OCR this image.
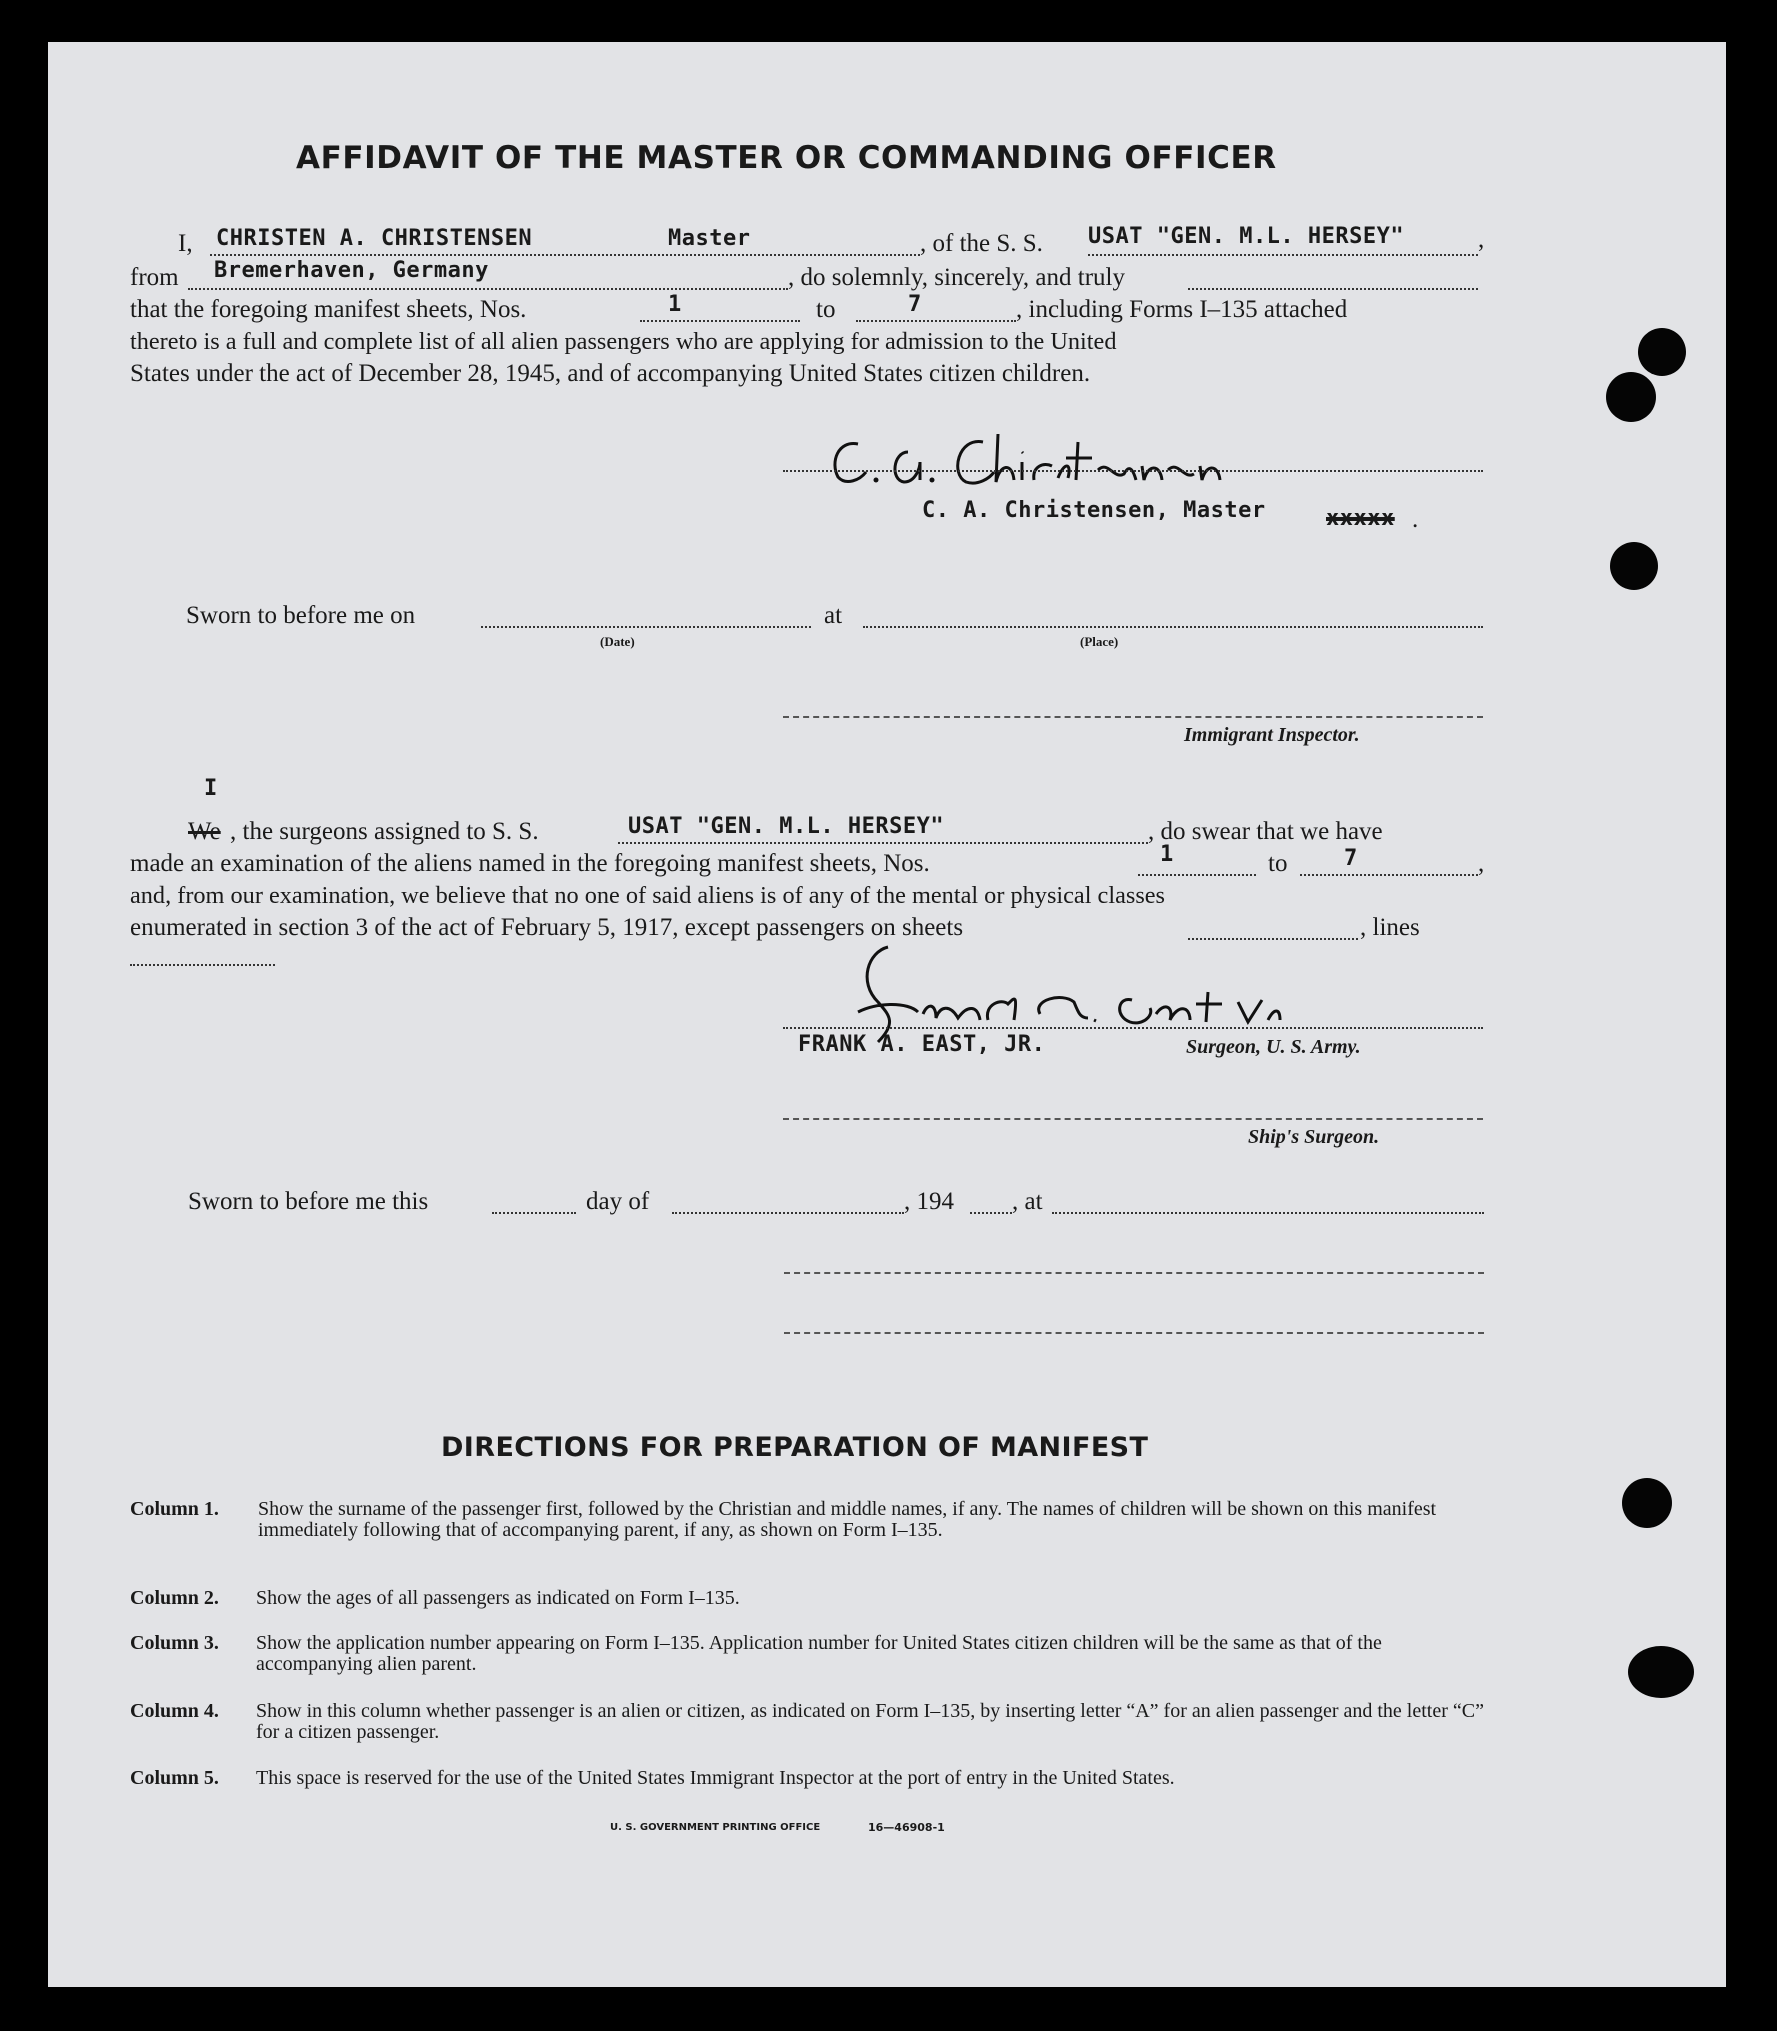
AFFIDAVIT OF THE MASTER OR COMMANDING OFFICER
I, CHRISTEN A. CHRISTENSEN	Master	, of the S. S. USAT "GEN. M.L. HERSEY"	,
from Bremerhaven, Germany	, do solemnly, sincerely, and truly
that the foregoing manifest sheets, Nos.	1	to	7	, including Forms I–135 attached
thereto is a full and complete list of all alien passengers who are applying for admission to the United
States under the act of December 28, 1945, and of accompanying United States citizen children.
C. A. Christensen, Master	xxxxx .
Sworn to before me on
(Date)
at
(Place)
Immigrant Inspector.
I
We , the surgeons assigned to S. S.	USAT "GEN. M.L. HERSEY"	, do swear that we have
made an examination of the aliens named in the foregoing manifest sheets, Nos.	1	to	7	,
and, from our examination, we believe that no one of said aliens is of any of the mental or physical classes
enumerated in section 3 of the act of February 5, 1917, except passengers on sheets	, lines
FRANK A. EAST, JR.	Surgeon, U. S. Army.
Ship's Surgeon.
Sworn to before me this	day of	, 194 , at
DIRECTIONS FOR PREPARATION OF MANIFEST
Column 1. Show the surname of the passenger first, followed by the Christian and middle names, if any. The names of children will be shown on this manifest immediately following that of accompanying parent, if any, as shown on Form I–135.
Column 2. Show the ages of all passengers as indicated on Form I–135.
Column 3. Show the application number appearing on Form I–135. Application number for United States citizen children will be the same as that of the accompanying alien parent.
Column 4. Show in this column whether passenger is an alien or citizen, as indicated on Form I–135, by inserting letter “A” for an alien passenger and the letter “C” for a citizen passenger.
Column 5. This space is reserved for the use of the United States Immigrant Inspector at the port of entry in the United States.
U. S. GOVERNMENT PRINTING OFFICE	16—46908-1
